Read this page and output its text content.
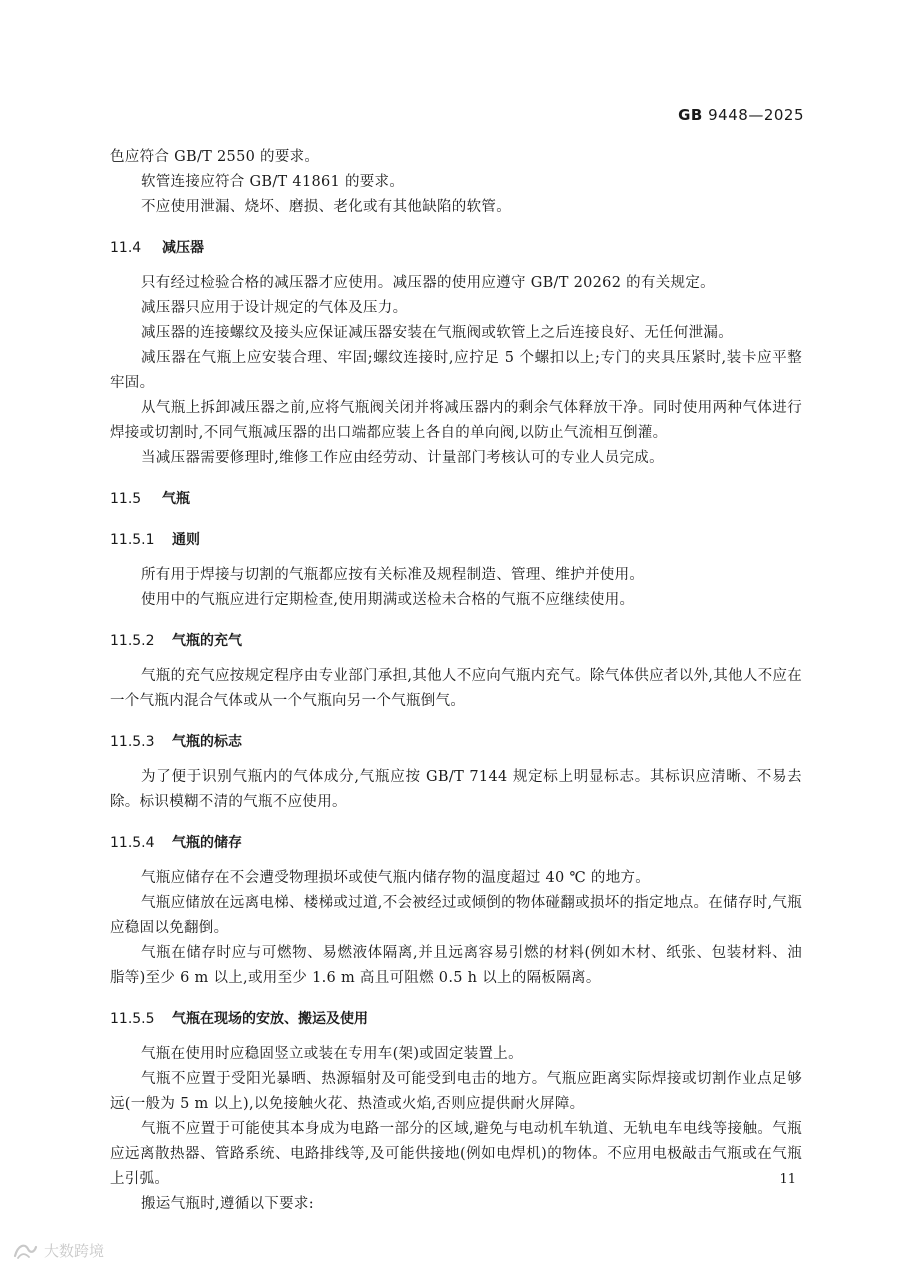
GB 9448—2025

色应符合 GB/T 2550 的要求。

软管连接应符合 GB/T 41861 的要求。

不应使用泄漏、烧坏、磨损、老化或有其他缺陷的软管。

11.4 减压器

只有经过检验合格的减压器才应使用。减压器的使用应遵守 GB/T 20262 的有关规定。

减压器只应用于设计规定的气体及压力。

减压器的连接螺纹及接头应保证减压器安装在气瓶阀或软管上之后连接良好、无任何泄漏。

减压器在气瓶上应安装合理、牢固;螺纹连接时,应拧足 5 个螺扣以上;专门的夹具压紧时,装卡应平整牢固。

从气瓶上拆卸减压器之前,应将气瓶阀关闭并将减压器内的剩余气体释放干净。同时使用两种气体进行焊接或切割时,不同气瓶减压器的出口端都应装上各自的单向阀,以防止气流相互倒灌。

当减压器需要修理时,维修工作应由经劳动、计量部门考核认可的专业人员完成。

11.5 气瓶
11.5.1 通则

所有用于焊接与切割的气瓶都应按有关标准及规程制造、管理、维护并使用。

使用中的气瓶应进行定期检查,使用期满或送检未合格的气瓶不应继续使用。

11.5.2 气瓶的充气

气瓶的充气应按规定程序由专业部门承担,其他人不应向气瓶内充气。除气体供应者以外,其他人不应在一个气瓶内混合气体或从一个气瓶向另一个气瓶倒气。

11.5.3 气瓶的标志

为了便于识别气瓶内的气体成分,气瓶应按 GB/T 7144 规定标上明显标志。其标识应清晰、不易去除。标识模糊不清的气瓶不应使用。

11.5.4 气瓶的储存

气瓶应储存在不会遭受物理损坏或使气瓶内储存物的温度超过 40 ℃ 的地方。

气瓶应储放在远离电梯、楼梯或过道,不会被经过或倾倒的物体碰翻或损坏的指定地点。在储存时,气瓶应稳固以免翻倒。

气瓶在储存时应与可燃物、易燃液体隔离,并且远离容易引燃的材料(例如木材、纸张、包装材料、油脂等)至少 6 m 以上,或用至少 1.6 m 高且可阻燃 0.5 h 以上的隔板隔离。

11.5.5 气瓶在现场的安放、搬运及使用

气瓶在使用时应稳固竖立或装在专用车(架)或固定装置上。

气瓶不应置于受阳光暴晒、热源辐射及可能受到电击的地方。气瓶应距离实际焊接或切割作业点足够远(一般为 5 m 以上),以免接触火花、热渣或火焰,否则应提供耐火屏障。

气瓶不应置于可能使其本身成为电路一部分的区域,避免与电动机车轨道、无轨电车电线等接触。气瓶应远离散热器、管路系统、电路排线等,及可能供接地(例如电焊机)的物体。不应用电极敲击气瓶或在气瓶上引弧。

搬运气瓶时,遵循以下要求:

11
大数跨境
